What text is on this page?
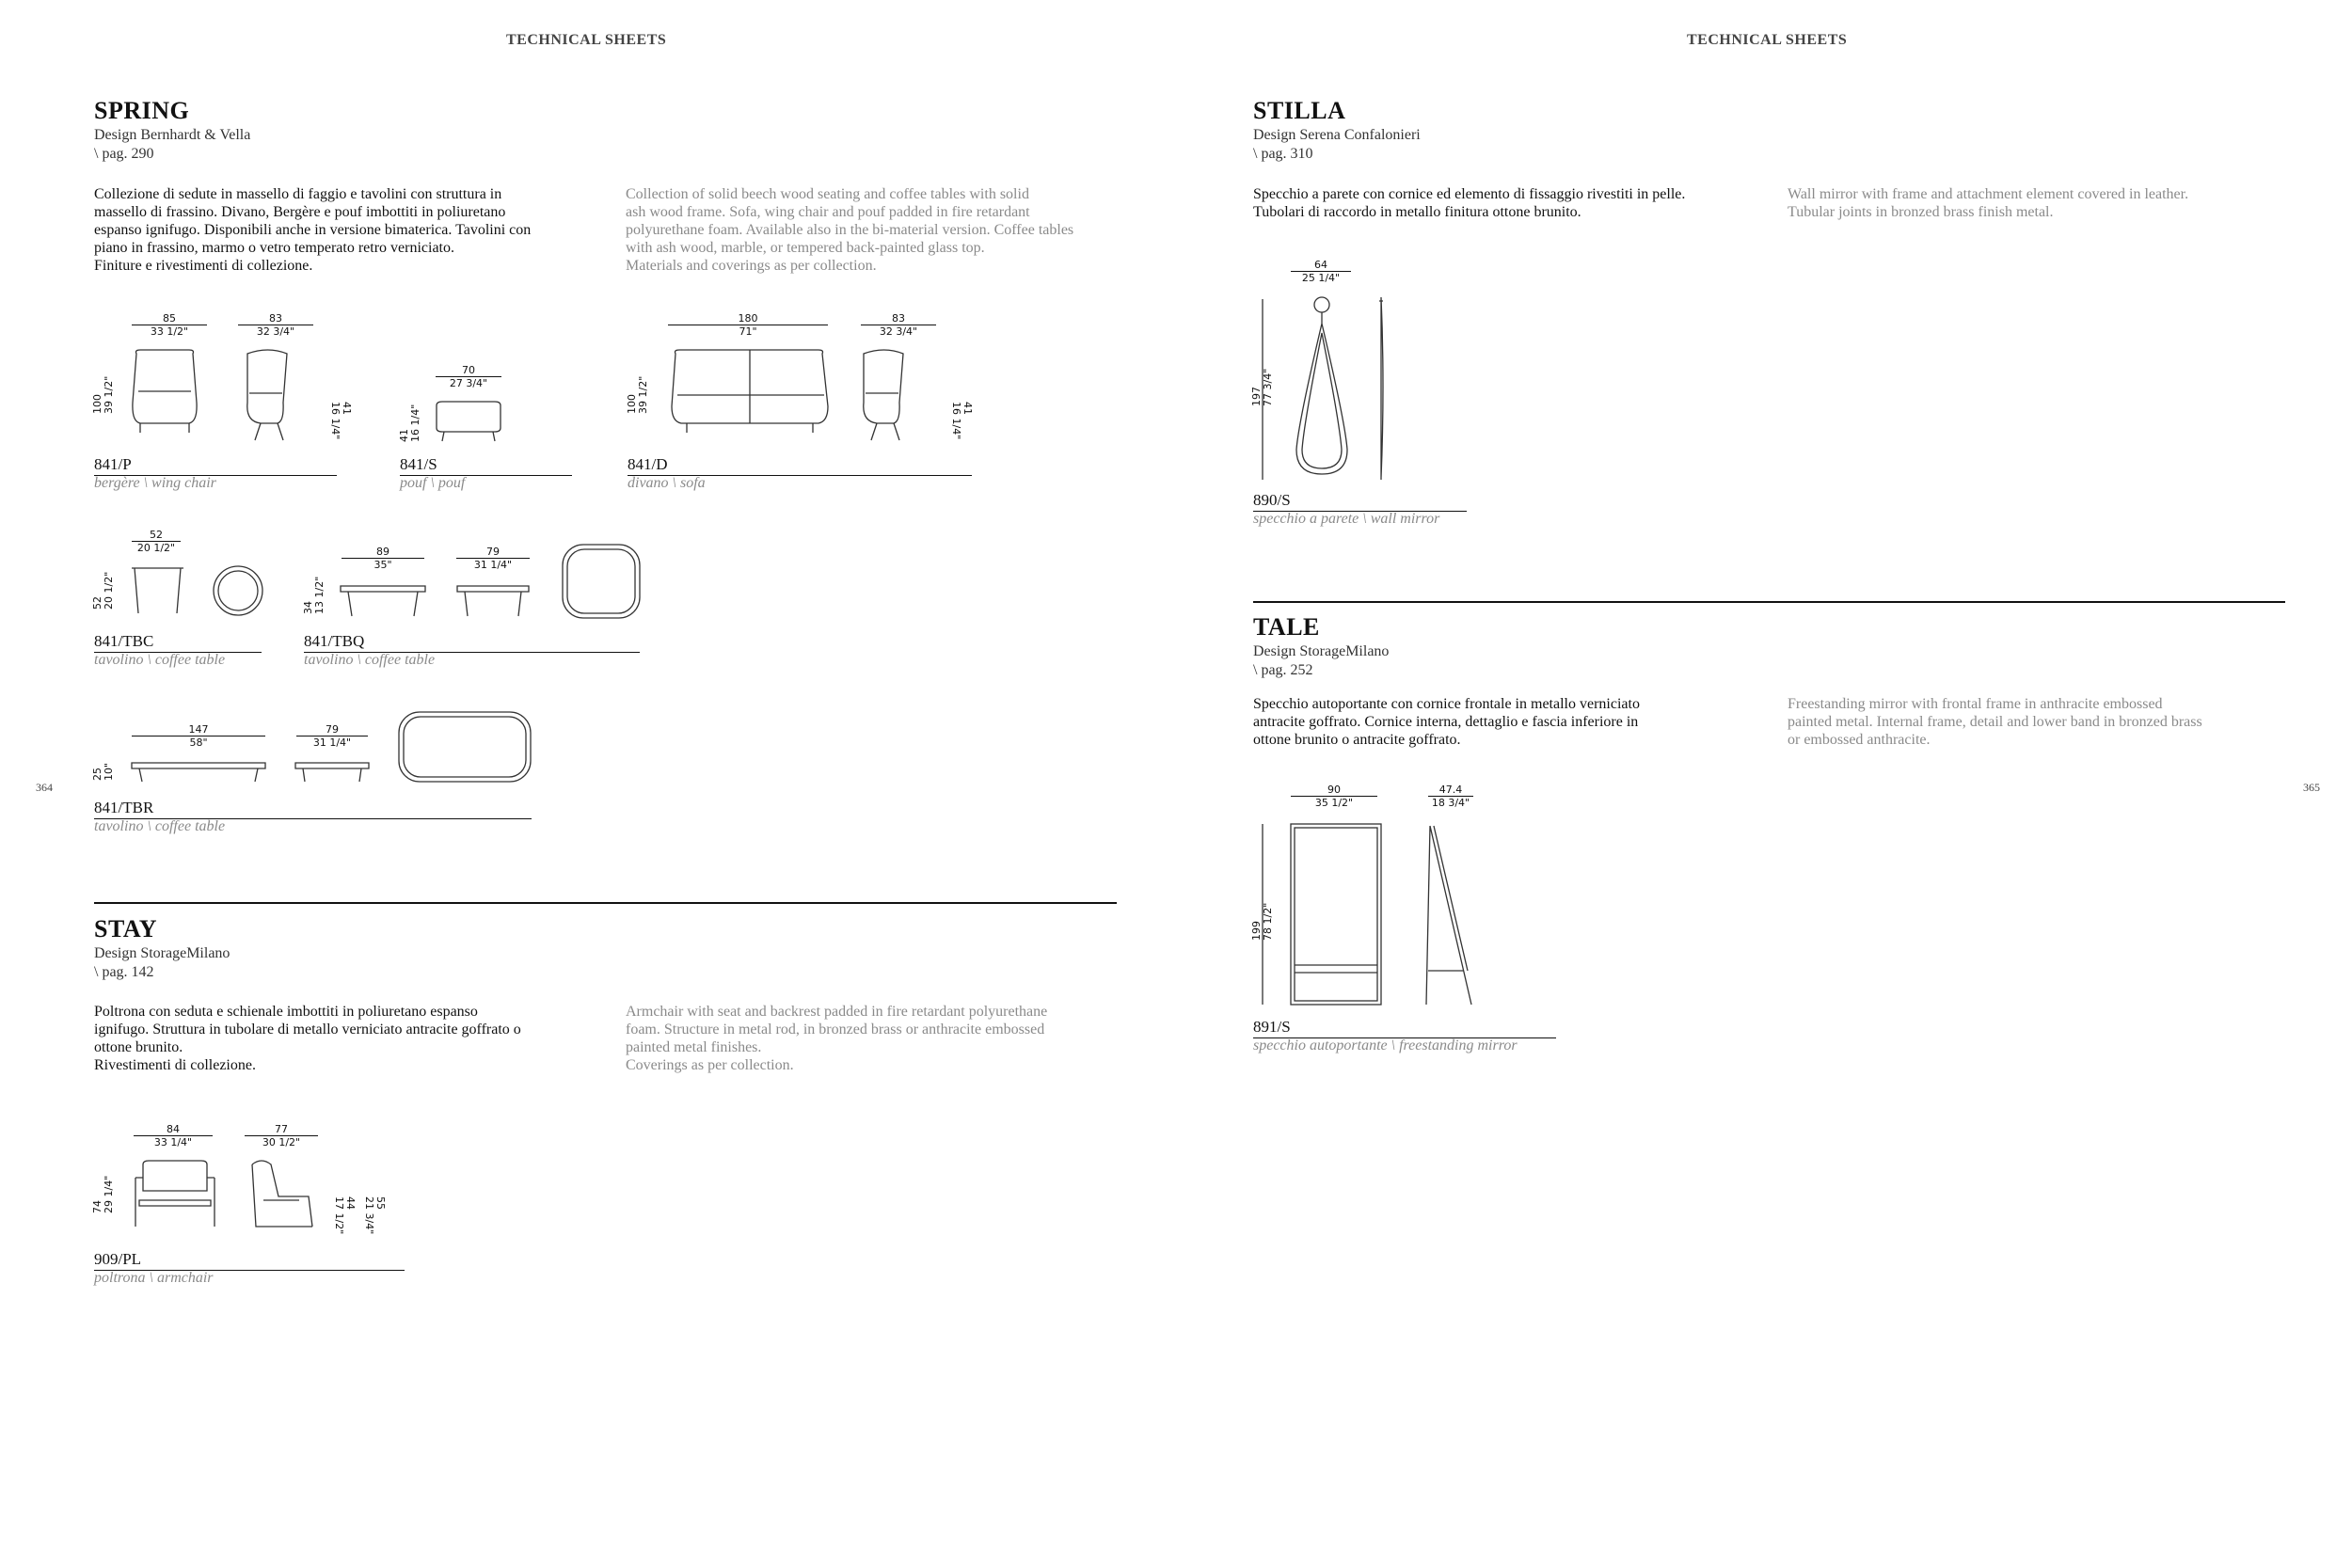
TECHNICAL SHEETS	TECHNICAL SHEETS
364	365
SPRING
Design Bernhardt & Vella
\ pag. 290
Collezione di sedute in massello di faggio e tavolini con struttura in
massello di frassino. Divano, Bergère e pouf imbottiti in poliuretano
espanso ignifugo. Disponibili anche in versione bimaterica. Tavolini con
piano in frassino, marmo o vetro temperato retro verniciato.
Finiture e rivestimenti di collezione.
Collection of solid beech wood seating and coffee tables with solid
ash wood frame. Sofa, wing chair and pouf padded in fire retardant
polyurethane foam. Available also in the bi-material version. Coffee tables
with ash wood, marble, or tempered back-painted glass top.
Materials and coverings as per collection.
85
33 1/2"
83
32 3/4"
100
39 1/2"	41
16 1/4"
841/P
bergère \ wing chair
70
27 3/4"
41
16 1/4"
841/S
pouf \ pouf
180
71"
83
32 3/4"
100
39 1/2"	41
16 1/4"
841/D
divano \ sofa
52
20 1/2"
52
20 1/2"
841/TBC
tavolino \ coffee table
89
35"
79
31 1/4"
34
13 1/2"
841/TBQ
tavolino \ coffee table
147
58"
79
31 1/4"
25
10"
841/TBR
tavolino \ coffee table
STAY
Design StorageMilano
\ pag. 142
Poltrona con seduta e schienale imbottiti in poliuretano espanso
ignifugo. Struttura in tubolare di metallo verniciato antracite goffrato o
ottone brunito.
Rivestimenti di collezione.
Armchair with seat and backrest padded in fire retardant polyurethane
foam. Structure in metal rod, in bronzed brass or anthracite embossed
painted metal finishes.
Coverings as per collection.
84
33 1/4"
77
30 1/2"
74
29 1/4"	44
17 1/2"	55
21 3/4"
909/PL
poltrona \ armchair
STILLA
Design Serena Confalonieri
\ pag. 310
Specchio a parete con cornice ed elemento di fissaggio rivestiti in pelle.
Tubolari di raccordo in metallo finitura ottone brunito.
Wall mirror with frame and attachment element covered in leather.
Tubular joints in bronzed brass finish metal.
64
25 1/4"
197
77 3/4"
890/S
specchio a parete \ wall mirror
TALE
Design StorageMilano
\ pag. 252
Specchio autoportante con cornice frontale in metallo verniciato
antracite goffrato. Cornice interna, dettaglio e fascia inferiore in
ottone brunito o antracite goffrato.
Freestanding mirror with frontal frame in anthracite embossed
painted metal. Internal frame, detail and lower band in bronzed brass
or embossed anthracite.
90
35 1/2"
47.4
18 3/4"
199
78 1/2"
891/S
specchio autoportante \ freestanding mirror
